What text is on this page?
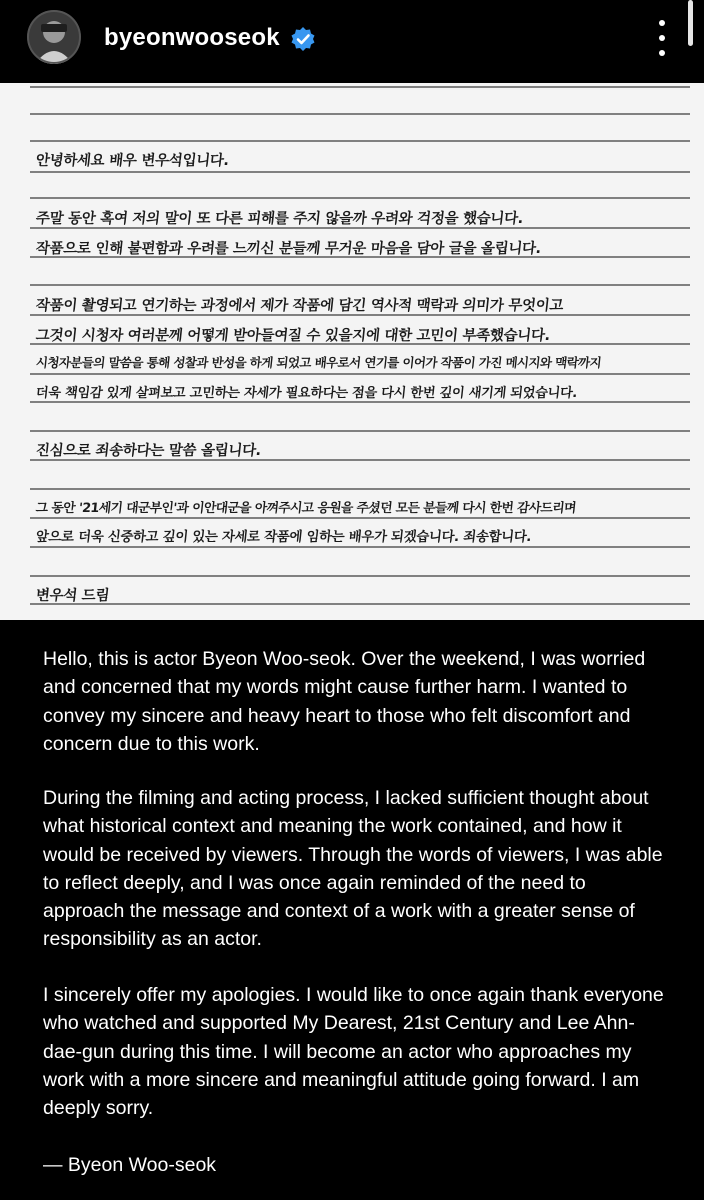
byeonwooseok
안녕하세요 배우 변우석입니다.
주말 동안 혹여 저의 말이 또 다른 피해를 주지 않을까 우려와 걱정을 했습니다.
작품으로 인해 불편함과 우려를 느끼신 분들께 무거운 마음을 담아 글을 올립니다.
작품이 촬영되고 연기하는 과정에서 제가 작품에 담긴 역사적 맥락과 의미가 무엇이고
그것이 시청자 여러분께 어떻게 받아들여질 수 있을지에 대한 고민이 부족했습니다.
시청자분들의 말씀을 통해 성찰과 반성을 하게 되었고 배우로서 연기를 이어가 작품이 가진 메시지와 맥락까지
더욱 책임감 있게 살펴보고 고민하는 자세가 필요하다는 점을 다시 한번 깊이 새기게 되었습니다.
진심으로 죄송하다는 말씀 올립니다.
그 동안 '21세기 대군부인'과 이안대군을 아껴주시고 응원을 주셨던 모든 분들께 다시 한번 감사드리며
앞으로 더욱 신중하고 깊이 있는 자세로 작품에 임하는 배우가 되겠습니다. 죄송합니다.
변우석 드림

Hello, this is actor Byeon Woo-seok. Over the weekend, I was worried and concerned that my words might cause further harm. I wanted to convey my sincere and heavy heart to those who felt discomfort and concern due to this work.

During the filming and acting process, I lacked sufficient thought about what historical context and meaning the work contained, and how it would be received by viewers. Through the words of viewers, I was able to reflect deeply, and I was once again reminded of the need to approach the message and context of a work with a greater sense of responsibility as an actor.

I sincerely offer my apologies. I would like to once again thank everyone who watched and supported My Dearest, 21st Century and Lee Ahn-dae-gun during this time. I will become an actor who approaches my work with a more sincere and meaningful attitude going forward. I am deeply sorry.

— Byeon Woo-seok
